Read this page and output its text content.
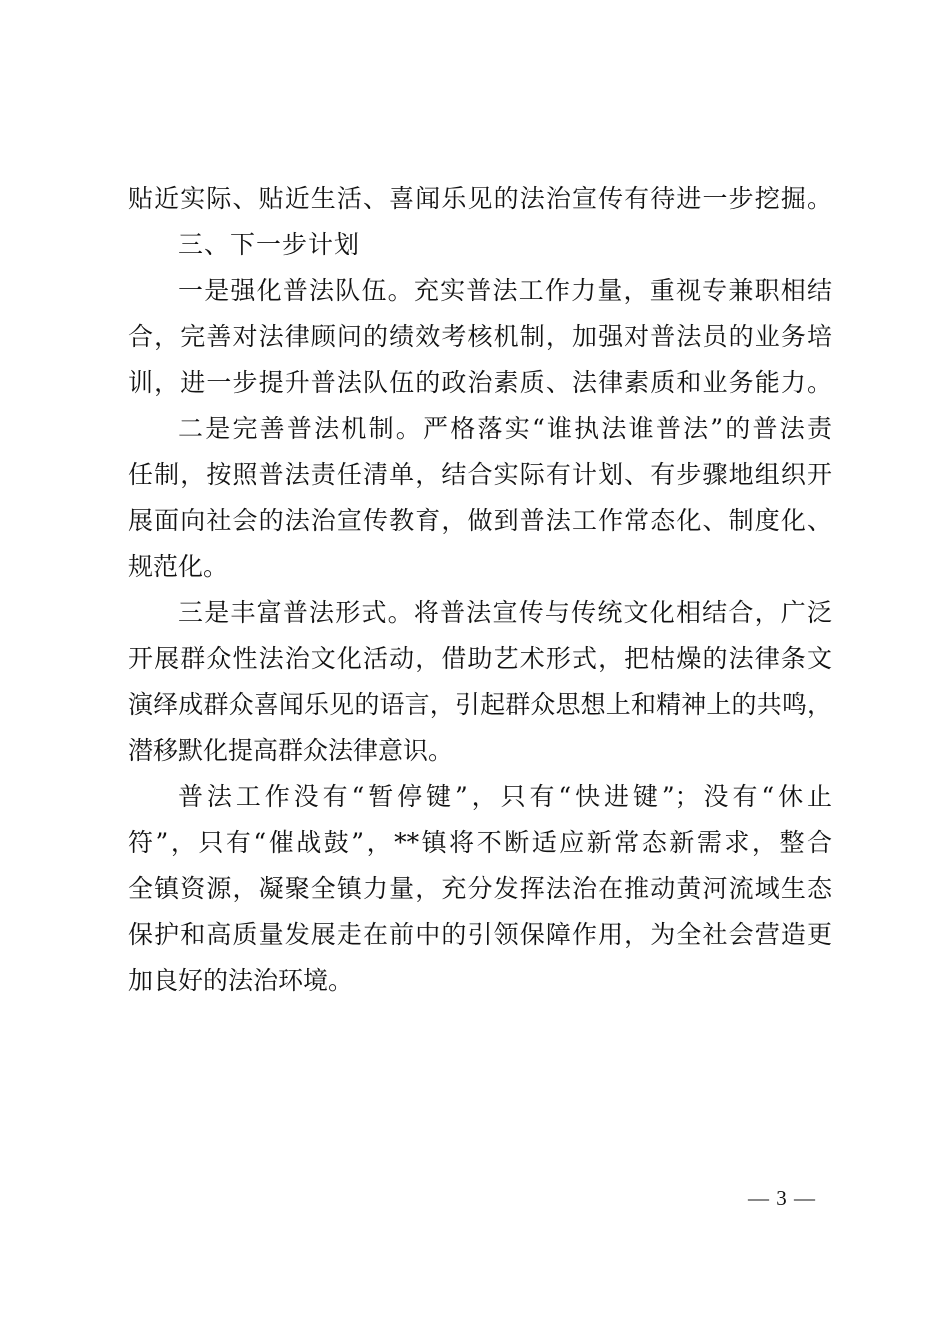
贴近实际、贴近生活、喜闻乐见的法治宣传有待进一步挖掘。
三、下一步计划
一是强化普法队伍。充实普法工作力量，重视专兼职相结
合，完善对法律顾问的绩效考核机制，加强对普法员的业务培
训，进一步提升普法队伍的政治素质、法律素质和业务能力。
二是完善普法机制。严格落实“谁执法谁普法”的普法责
任制，按照普法责任清单，结合实际有计划、有步骤地组织开
展面向社会的法治宣传教育，做到普法工作常态化、制度化、
规范化。
三是丰富普法形式。将普法宣传与传统文化相结合，广泛
开展群众性法治文化活动，借助艺术形式，把枯燥的法律条文
演绎成群众喜闻乐见的语言，引起群众思想上和精神上的共鸣，
潜移默化提高群众法律意识。
普法工作没有“暂停键”，只有“快进键”；没有“休止
符”，只有“催战鼓”，**镇将不断适应新常态新需求，整合
全镇资源，凝聚全镇力量，充分发挥法治在推动黄河流域生态
保护和高质量发展走在前中的引领保障作用，为全社会营造更
加良好的法治环境。
— 3 —
